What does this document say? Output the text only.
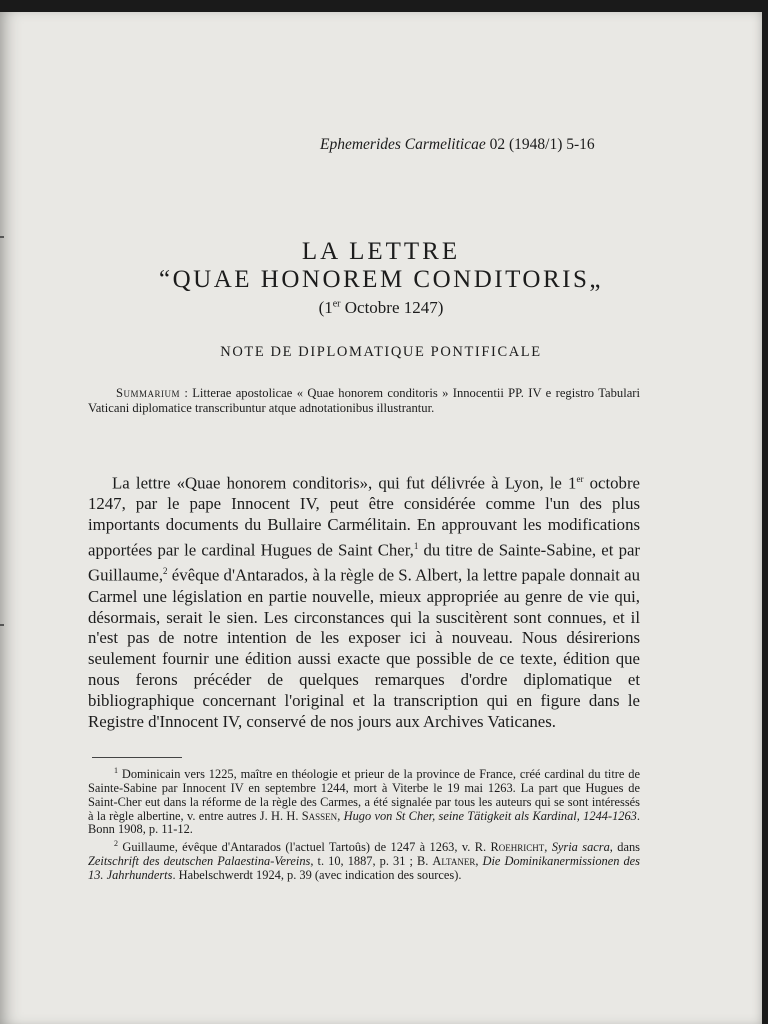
Ephemerides Carmeliticae 02 (1948/1) 5-16
LA LETTRE
“QUAE HONOREM CONDITORIS„
(1er Octobre 1247)
NOTE DE DIPLOMATIQUE PONTIFICALE
Summarium : Litterae apostolicae « Quae honorem conditoris » Innocentii PP. IV e registro Tabulari Vaticani diplomatice transcribuntur atque adnotationibus illustrantur.
La lettre «Quae honorem conditoris», qui fut délivrée à Lyon, le 1er octobre 1247, par le pape Innocent IV, peut être considérée comme l'un des plus importants documents du Bullaire Carmélitain. En approuvant les modifications apportées par le cardinal Hugues de Saint Cher,$^1$ du titre de Sainte-Sabine, et par Guillaume,$^2$ évêque d'Antarados, à la règle de S. Albert, la lettre papale donnait au Carmel une législation en partie nouvelle, mieux appropriée au genre de vie qui, désormais, serait le sien. Les circonstances qui la suscitèrent sont connues, et il n'est pas de notre intention de les exposer ici à nouveau. Nous désirerions seulement fournir une édition aussi exacte que possible de ce texte, édition que nous ferons précéder de quelques remarques d'ordre diplomatique et bibliographique concernant l'original et la transcription qui en figure dans le Registre d'Innocent IV, conservé de nos jours aux Archives Vaticanes.

$^1$ Dominicain vers 1225, maître en théologie et prieur de la province de France, créé cardinal du titre de Sainte-Sabine par Innocent IV en septembre 1244, mort à Viterbe le 19 mai 1263. La part que Hugues de Saint-Cher eut dans la réforme de la règle des Carmes, a été signalée par tous les auteurs qui se sont intéressés à la règle albertine, v. entre autres J. H. H. Sassen, Hugo von St Cher, seine Tätigkeit als Kardinal, 1244-1263. Bonn 1908, p. 11-12.

$^2$ Guillaume, évêque d'Antarados (l'actuel Tartoûs) de 1247 à 1263, v. R. Roehricht, Syria sacra, dans Zeitschrift des deutschen Palaestina-Vereins, t. 10, 1887, p. 31 ; B. Altaner, Die Dominikanermissionen des 13. Jahrhunderts. Habelschwerdt 1924, p. 39 (avec indication des sources).
